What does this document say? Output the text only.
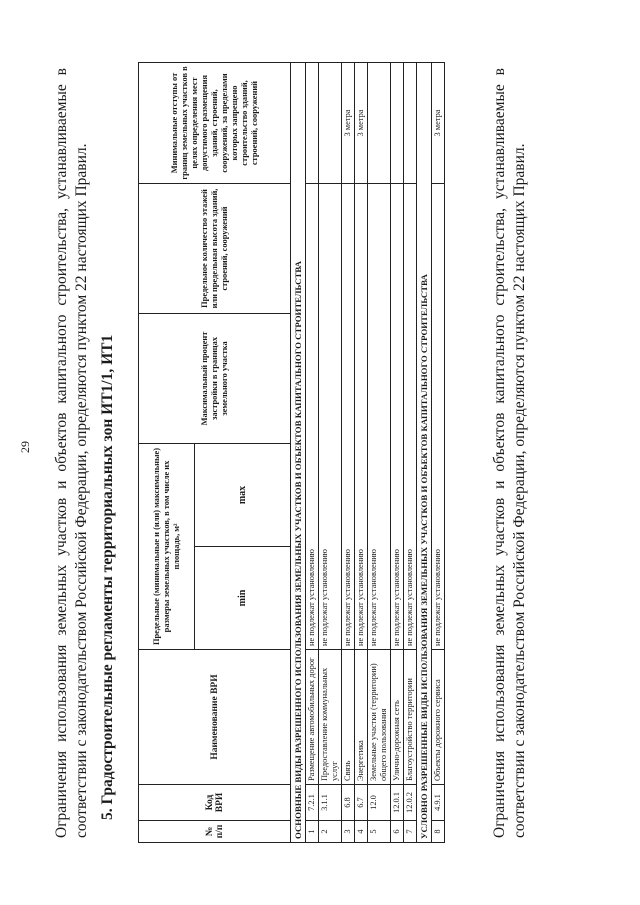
29 Ограничения использования земельных участков и объектов капитального строительства, устанавливаемые в соответствии с законодательством Российской Федерации, определяются пунктом 22 настоящих Правил. 5. Градостроительные регламенты территориальных зон ИТ1/1, ИТ1
№ п/п	Код ВРИ	Наименование ВРИ	Предельные (минимальные и (или) максимальные) размеры земельных участков, в том числе их площадь, м²		Максимальный процент застройки в границах земельного участка	Предельное количество этажей или предельная высота зданий, строений, сооружений	Минимальные отступы от границ земельных участков в целях определения мест допустимого размещения зданий, строений, сооружений, за пределами которых запрещено строительство зданий, строений, сооружений
			min	max			
ОСНОВНЫЕ ВИДЫ РАЗРЕШЕННОГО ИСПОЛЬЗОВАНИЯ ЗЕМЕЛЬНЫХ УЧАСТКОВ И ОБЪЕКТОВ КАПИТАЛЬНОГО СТРОИТЕЛЬСТВА							
1	7.2.1	Размещение автомобильных дорог	не подлежат установлению				
2	3.1.1	Предоставление коммунальных услуг	не подлежат установлению				
3	6.8	Связь	не подлежат установлению				3 метра
4	6.7	Энергетика	не подлежат установлению				3 метра
5	12.0	Земельные участки (территории) общего пользования	не подлежат установлению				
6	12.0.1	Улично-дорожная сеть	не подлежат установлению				
7	12.0.2	Благоустройство территории	не подлежат установлению				
УСЛОВНО РАЗРЕШЕННЫЕ ВИДЫ ИСПОЛЬЗОВАНИЯ ЗЕМЕЛЬНЫХ УЧАСТКОВ И ОБЪЕКТОВ КАПИТАЛЬНОГО СТРОИТЕЛЬСТВА							
8	4.9.1	Объекты дорожного сервиса	не подлежат установлению				3 метра	Ограничения использования земельных участков и объектов капитального строительства, устанавливаемые в соответствии с законодательством Российской Федерации, определяются пунктом 22 настоящих Правил.
